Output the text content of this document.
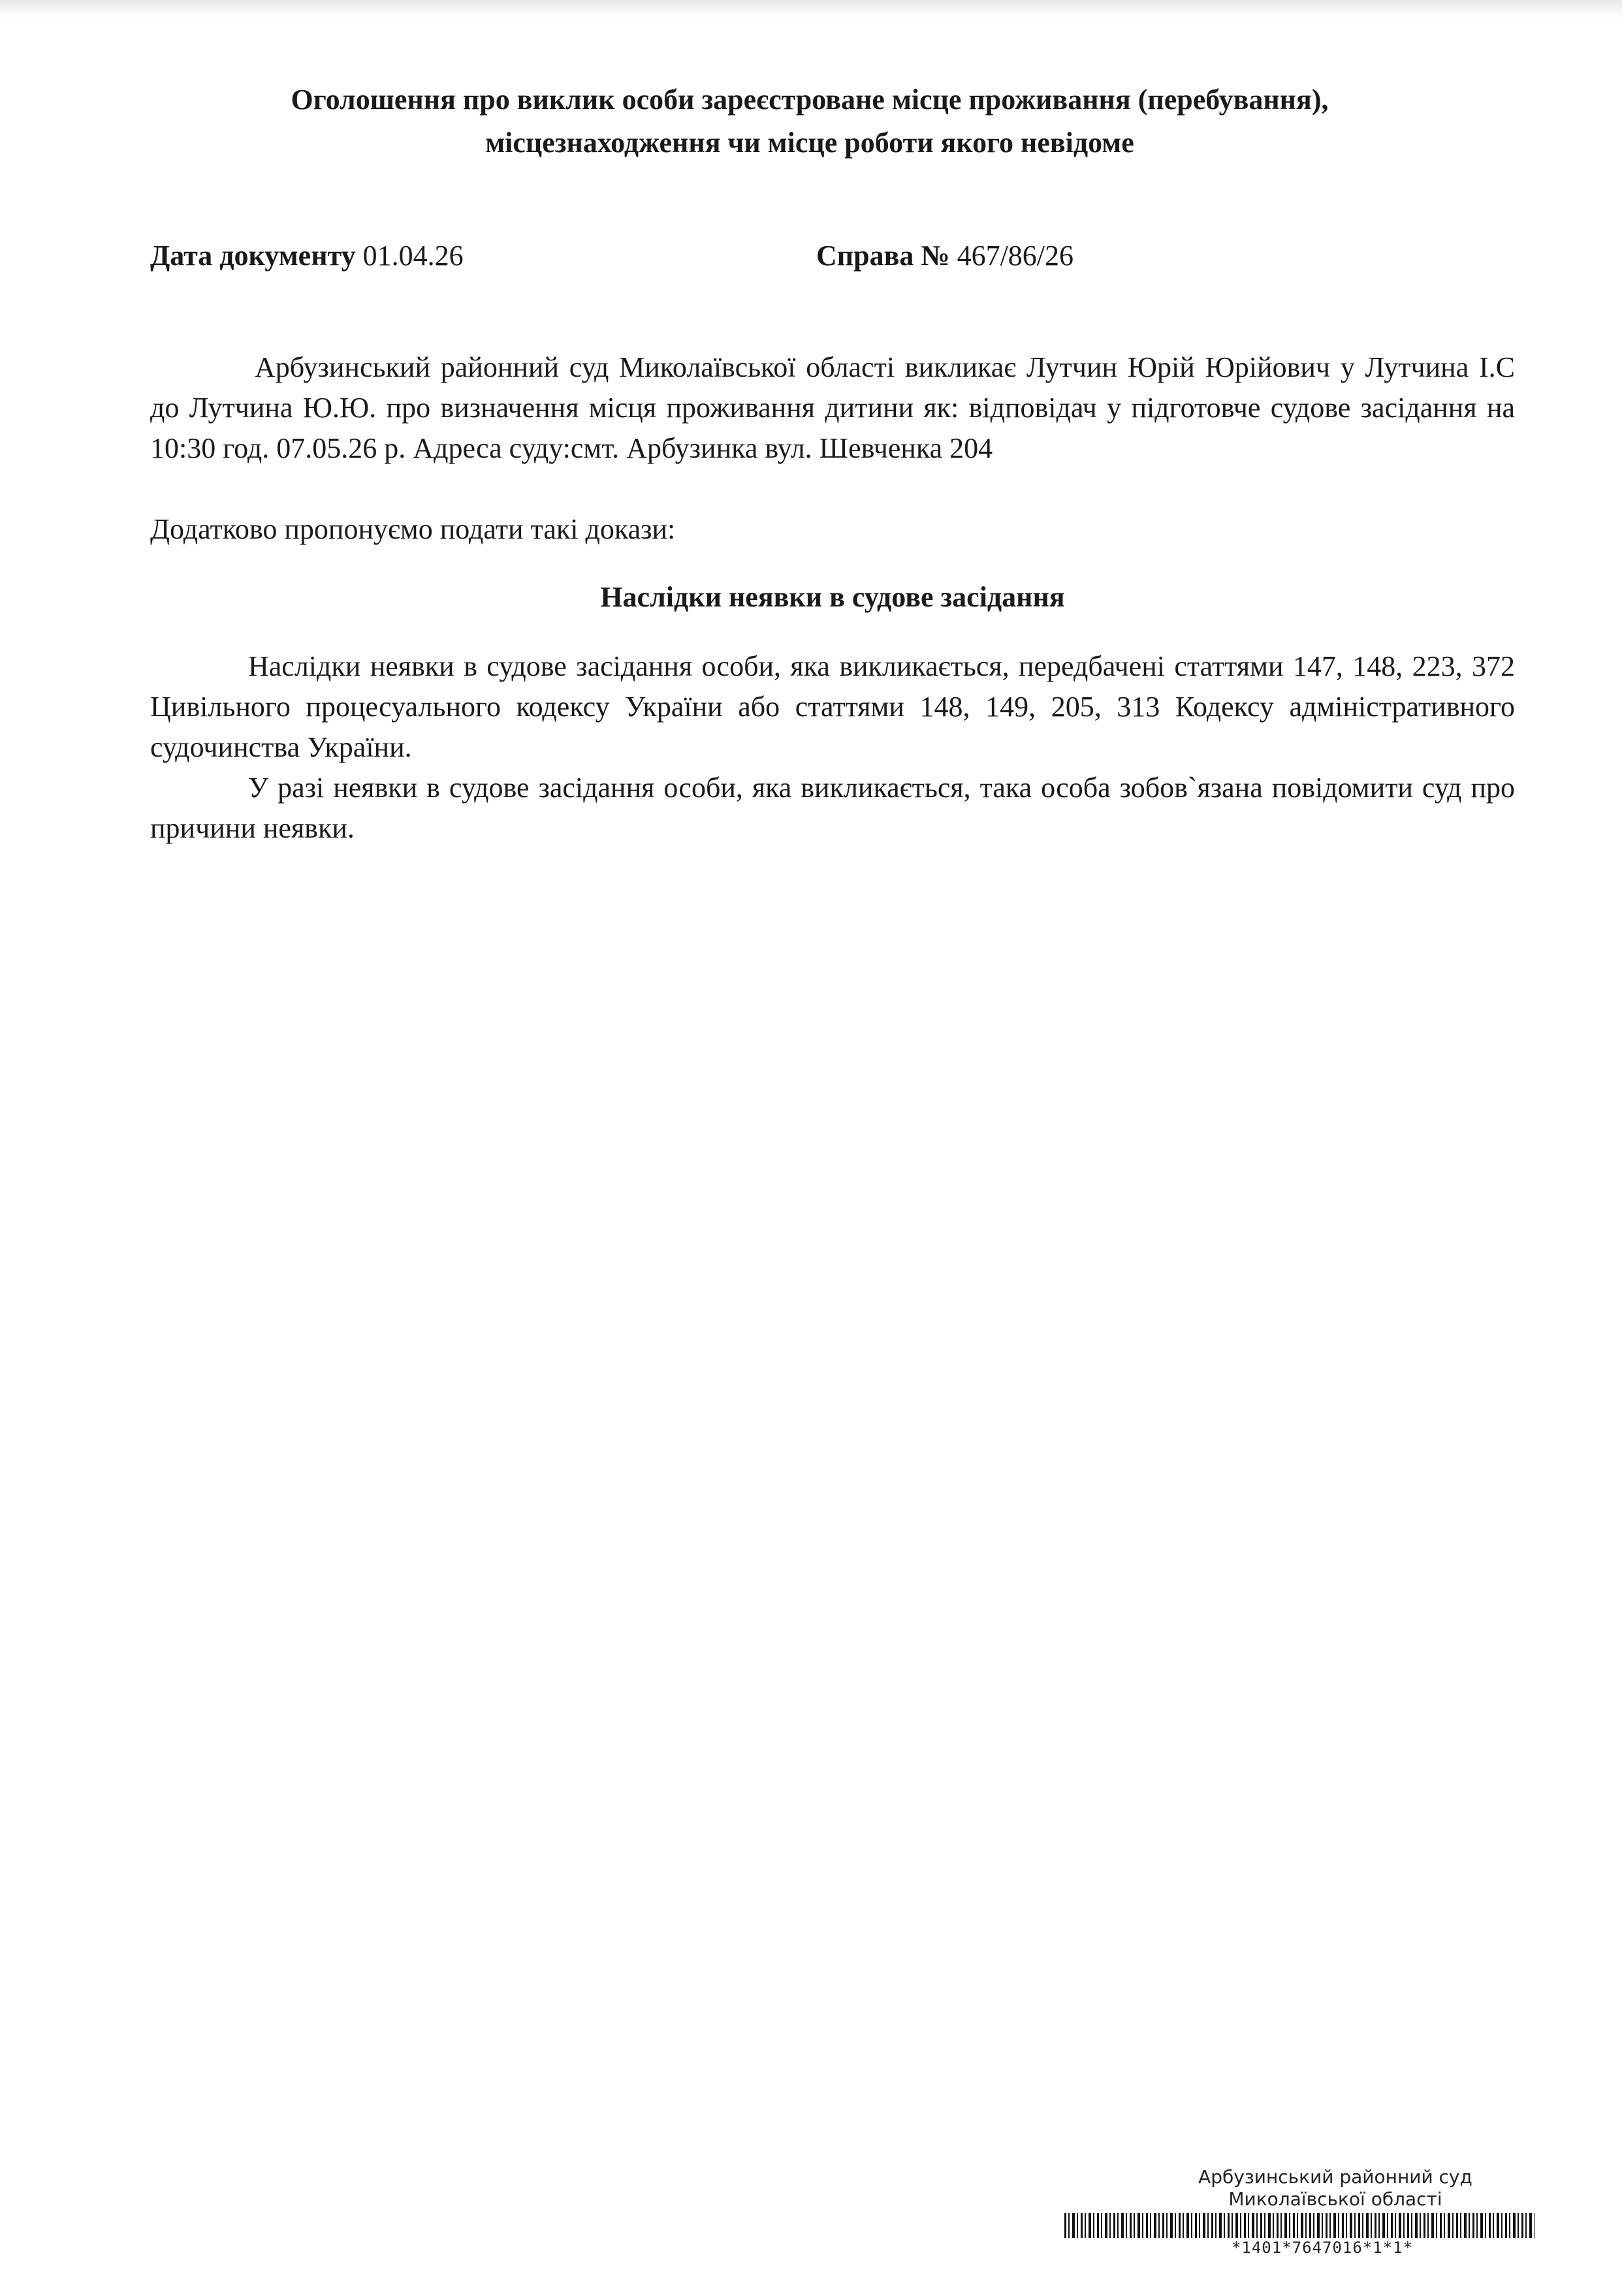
Оголошення про виклик особи зареєстроване місце проживання (перебування),
місцезнаходження чи місце роботи якого невідоме
Дата документу 01.04.26	Справа № 467/86/26
Арбузинський районний суд Миколаївської області викликає Лутчин Юрій Юрійович у Лутчина І.С до Лутчина Ю.Ю. про визначення місця проживання дитини як: відповідач у підготовче судове засідання на 10:30 год. 07.05.26 р. Адреса суду:смт. Арбузинка вул. Шевченка 204
Додатково пропонуємо подати такі докази:
Наслідки неявки в судове засідання
Наслідки неявки в судове засідання особи, яка викликається, передбачені статтями 147, 148, 223, 372 Цивільного процесуального кодексу України або статтями 148, 149, 205, 313 Кодексу адміністративного судочинства України.
У разі неявки в судове засідання особи, яка викликається, така особа зобов`язана повідомити суд про причини неявки.
Арбузинський районний суд
Миколаївської області
*1401*7647016*1*1*
